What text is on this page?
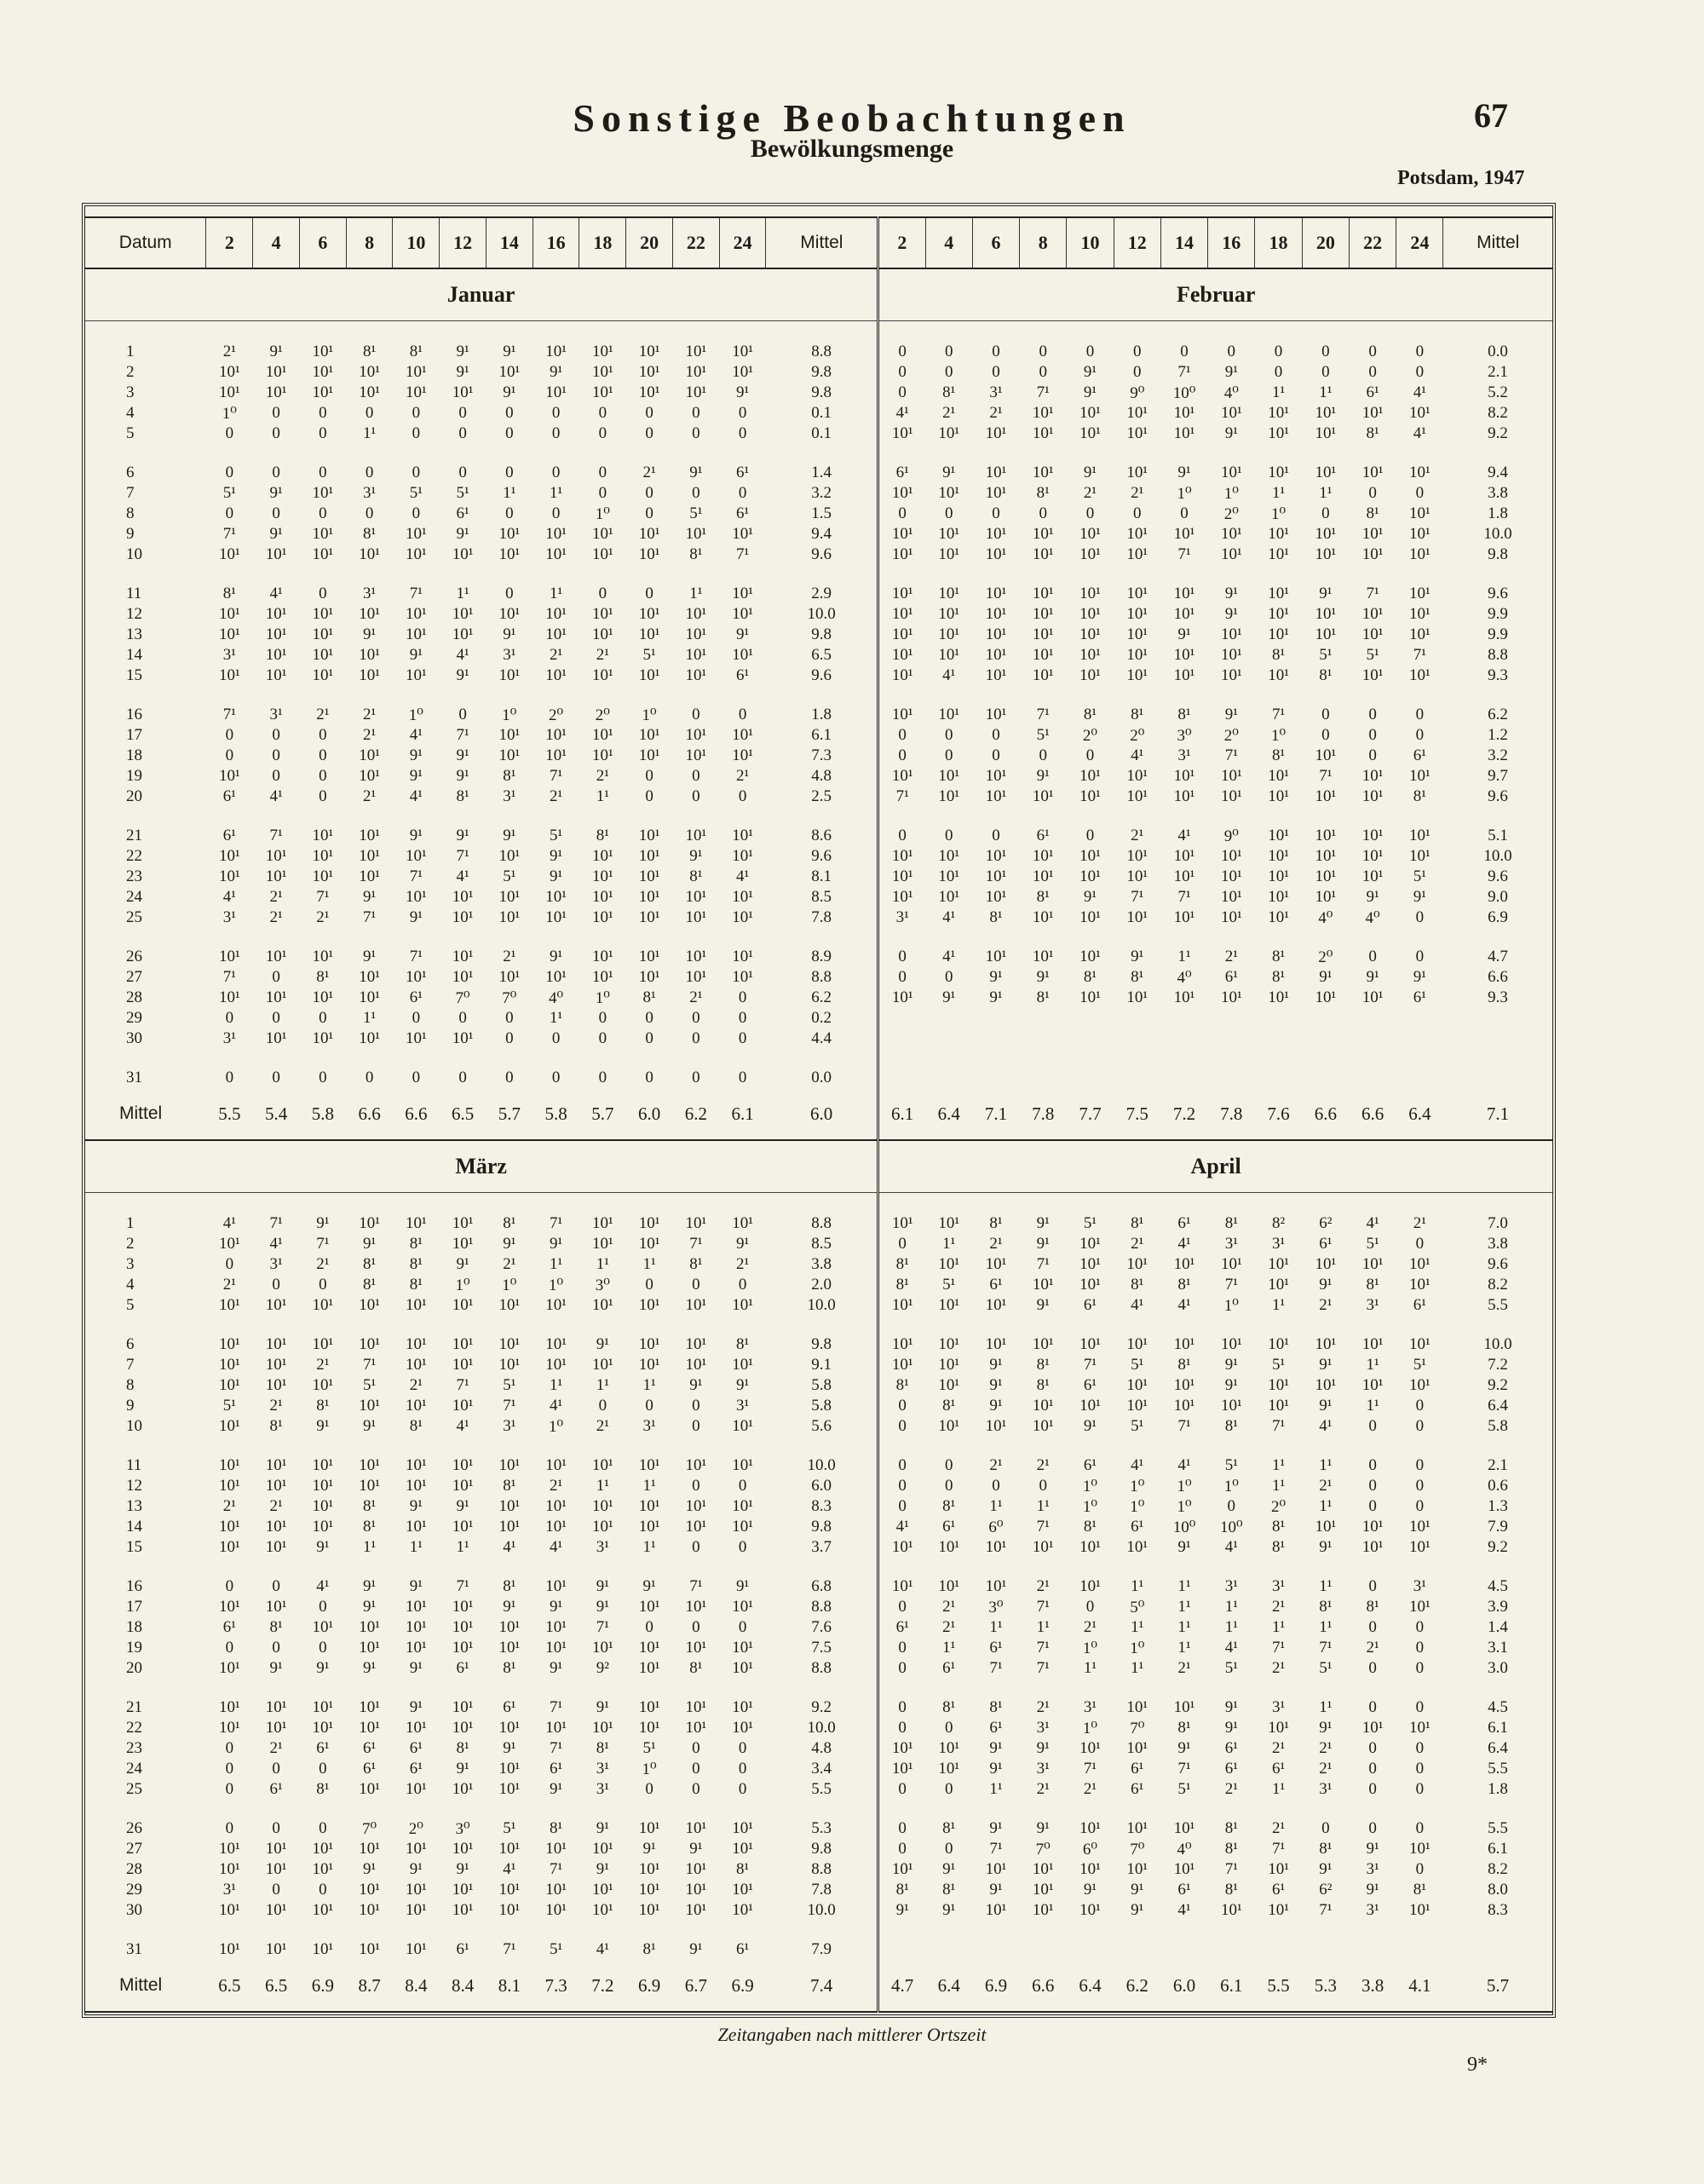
Sonstige Beobachtungen
Bewölkungsmenge
67
Potsdam, 1947
Datum	2	4	6	8	10	12	14	16	18	20	22	24	Mittel	2	4	6	8	10	12	14	16	18	20	22	24	Mittel
Januar														Februar												
1	2¹	9¹	10¹	8¹	8¹	9¹	9¹	10¹	10¹	10¹	10¹	10¹	8.8	0	0	0	0	0	0	0	0	0	0	0	0	0.0
2	10¹	10¹	10¹	10¹	10¹	9¹	10¹	9¹	10¹	10¹	10¹	10¹	9.8	0	0	0	0	9¹	0	7¹	9¹	0	0	0	0	2.1
3	10¹	10¹	10¹	10¹	10¹	10¹	9¹	10¹	10¹	10¹	10¹	9¹	9.8	0	8¹	3¹	7¹	9¹	9⁰	10⁰	4⁰	1¹	1¹	6¹	4¹	5.2
4	1⁰	0	0	0	0	0	0	0	0	0	0	0	0.1	4¹	2¹	2¹	10¹	10¹	10¹	10¹	10¹	10¹	10¹	10¹	10¹	8.2
5	0	0	0	1¹	0	0	0	0	0	0	0	0	0.1	10¹	10¹	10¹	10¹	10¹	10¹	10¹	9¹	10¹	10¹	8¹	4¹	9.2
6	0	0	0	0	0	0	0	0	0	2¹	9¹	6¹	1.4	6¹	9¹	10¹	10¹	9¹	10¹	9¹	10¹	10¹	10¹	10¹	10¹	9.4
7	5¹	9¹	10¹	3¹	5¹	5¹	1¹	1¹	0	0	0	0	3.2	10¹	10¹	10¹	8¹	2¹	2¹	1⁰	1⁰	1¹	1¹	0	0	3.8
8	0	0	0	0	0	6¹	0	0	1⁰	0	5¹	6¹	1.5	0	0	0	0	0	0	0	2⁰	1⁰	0	8¹	10¹	1.8
9	7¹	9¹	10¹	8¹	10¹	9¹	10¹	10¹	10¹	10¹	10¹	10¹	9.4	10¹	10¹	10¹	10¹	10¹	10¹	10¹	10¹	10¹	10¹	10¹	10¹	10.0
10	10¹	10¹	10¹	10¹	10¹	10¹	10¹	10¹	10¹	10¹	8¹	7¹	9.6	10¹	10¹	10¹	10¹	10¹	10¹	7¹	10¹	10¹	10¹	10¹	10¹	9.8
11	8¹	4¹	0	3¹	7¹	1¹	0	1¹	0	0	1¹	10¹	2.9	10¹	10¹	10¹	10¹	10¹	10¹	10¹	9¹	10¹	9¹	7¹	10¹	9.6
12	10¹	10¹	10¹	10¹	10¹	10¹	10¹	10¹	10¹	10¹	10¹	10¹	10.0	10¹	10¹	10¹	10¹	10¹	10¹	10¹	9¹	10¹	10¹	10¹	10¹	9.9
13	10¹	10¹	10¹	9¹	10¹	10¹	9¹	10¹	10¹	10¹	10¹	9¹	9.8	10¹	10¹	10¹	10¹	10¹	10¹	9¹	10¹	10¹	10¹	10¹	10¹	9.9
14	3¹	10¹	10¹	10¹	9¹	4¹	3¹	2¹	2¹	5¹	10¹	10¹	6.5	10¹	10¹	10¹	10¹	10¹	10¹	10¹	10¹	8¹	5¹	5¹	7¹	8.8
15	10¹	10¹	10¹	10¹	10¹	9¹	10¹	10¹	10¹	10¹	10¹	6¹	9.6	10¹	4¹	10¹	10¹	10¹	10¹	10¹	10¹	10¹	8¹	10¹	10¹	9.3
16	7¹	3¹	2¹	2¹	1⁰	0	1⁰	2⁰	2⁰	1⁰	0	0	1.8	10¹	10¹	10¹	7¹	8¹	8¹	8¹	9¹	7¹	0	0	0	6.2
17	0	0	0	2¹	4¹	7¹	10¹	10¹	10¹	10¹	10¹	10¹	6.1	0	0	0	5¹	2⁰	2⁰	3⁰	2⁰	1⁰	0	0	0	1.2
18	0	0	0	10¹	9¹	9¹	10¹	10¹	10¹	10¹	10¹	10¹	7.3	0	0	0	0	0	4¹	3¹	7¹	8¹	10¹	0	6¹	3.2
19	10¹	0	0	10¹	9¹	9¹	8¹	7¹	2¹	0	0	2¹	4.8	10¹	10¹	10¹	9¹	10¹	10¹	10¹	10¹	10¹	7¹	10¹	10¹	9.7
20	6¹	4¹	0	2¹	4¹	8¹	3¹	2¹	1¹	0	0	0	2.5	7¹	10¹	10¹	10¹	10¹	10¹	10¹	10¹	10¹	10¹	10¹	8¹	9.6
21	6¹	7¹	10¹	10¹	9¹	9¹	9¹	5¹	8¹	10¹	10¹	10¹	8.6	0	0	0	6¹	0	2¹	4¹	9⁰	10¹	10¹	10¹	10¹	5.1
22	10¹	10¹	10¹	10¹	10¹	7¹	10¹	9¹	10¹	10¹	9¹	10¹	9.6	10¹	10¹	10¹	10¹	10¹	10¹	10¹	10¹	10¹	10¹	10¹	10¹	10.0
23	10¹	10¹	10¹	10¹	7¹	4¹	5¹	9¹	10¹	10¹	8¹	4¹	8.1	10¹	10¹	10¹	10¹	10¹	10¹	10¹	10¹	10¹	10¹	10¹	5¹	9.6
24	4¹	2¹	7¹	9¹	10¹	10¹	10¹	10¹	10¹	10¹	10¹	10¹	8.5	10¹	10¹	10¹	8¹	9¹	7¹	7¹	10¹	10¹	10¹	9¹	9¹	9.0
25	3¹	2¹	2¹	7¹	9¹	10¹	10¹	10¹	10¹	10¹	10¹	10¹	7.8	3¹	4¹	8¹	10¹	10¹	10¹	10¹	10¹	10¹	4⁰	4⁰	0	6.9
26	10¹	10¹	10¹	9¹	7¹	10¹	2¹	9¹	10¹	10¹	10¹	10¹	8.9	0	4¹	10¹	10¹	10¹	9¹	1¹	2¹	8¹	2⁰	0	0	4.7
27	7¹	0	8¹	10¹	10¹	10¹	10¹	10¹	10¹	10¹	10¹	10¹	8.8	0	0	9¹	9¹	8¹	8¹	4⁰	6¹	8¹	9¹	9¹	9¹	6.6
28	10¹	10¹	10¹	10¹	6¹	7⁰	7⁰	4⁰	1⁰	8¹	2¹	0	6.2	10¹	9¹	9¹	8¹	10¹	10¹	10¹	10¹	10¹	10¹	10¹	6¹	9.3
29	0	0	0	1¹	0	0	0	1¹	0	0	0	0	0.2													
30	3¹	10¹	10¹	10¹	10¹	10¹	0	0	0	0	0	0	4.4													
31	0	0	0	0	0	0	0	0	0	0	0	0	0.0													
Mittel	5.5	5.4	5.8	6.6	6.6	6.5	5.7	5.8	5.7	6.0	6.2	6.1	6.0	6.1	6.4	7.1	7.8	7.7	7.5	7.2	7.8	7.6	6.6	6.6	6.4	7.1
März														April												
1	4¹	7¹	9¹	10¹	10¹	10¹	8¹	7¹	10¹	10¹	10¹	10¹	8.8	10¹	10¹	8¹	9¹	5¹	8¹	6¹	8¹	8²	6²	4¹	2¹	7.0
2	10¹	4¹	7¹	9¹	8¹	10¹	9¹	9¹	10¹	10¹	7¹	9¹	8.5	0	1¹	2¹	9¹	10¹	2¹	4¹	3¹	3¹	6¹	5¹	0	3.8
3	0	3¹	2¹	8¹	8¹	9¹	2¹	1¹	1¹	1¹	8¹	2¹	3.8	8¹	10¹	10¹	7¹	10¹	10¹	10¹	10¹	10¹	10¹	10¹	10¹	9.6
4	2¹	0	0	8¹	8¹	1⁰	1⁰	1⁰	3⁰	0	0	0	2.0	8¹	5¹	6¹	10¹	10¹	8¹	8¹	7¹	10¹	9¹	8¹	10¹	8.2
5	10¹	10¹	10¹	10¹	10¹	10¹	10¹	10¹	10¹	10¹	10¹	10¹	10.0	10¹	10¹	10¹	9¹	6¹	4¹	4¹	1⁰	1¹	2¹	3¹	6¹	5.5
6	10¹	10¹	10¹	10¹	10¹	10¹	10¹	10¹	9¹	10¹	10¹	8¹	9.8	10¹	10¹	10¹	10¹	10¹	10¹	10¹	10¹	10¹	10¹	10¹	10¹	10.0
7	10¹	10¹	2¹	7¹	10¹	10¹	10¹	10¹	10¹	10¹	10¹	10¹	9.1	10¹	10¹	9¹	8¹	7¹	5¹	8¹	9¹	5¹	9¹	1¹	5¹	7.2
8	10¹	10¹	10¹	5¹	2¹	7¹	5¹	1¹	1¹	1¹	9¹	9¹	5.8	8¹	10¹	9¹	8¹	6¹	10¹	10¹	9¹	10¹	10¹	10¹	10¹	9.2
9	5¹	2¹	8¹	10¹	10¹	10¹	7¹	4¹	0	0	0	3¹	5.8	0	8¹	9¹	10¹	10¹	10¹	10¹	10¹	10¹	9¹	1¹	0	6.4
10	10¹	8¹	9¹	9¹	8¹	4¹	3¹	1⁰	2¹	3¹	0	10¹	5.6	0	10¹	10¹	10¹	9¹	5¹	7¹	8¹	7¹	4¹	0	0	5.8
11	10¹	10¹	10¹	10¹	10¹	10¹	10¹	10¹	10¹	10¹	10¹	10¹	10.0	0	0	2¹	2¹	6¹	4¹	4¹	5¹	1¹	1¹	0	0	2.1
12	10¹	10¹	10¹	10¹	10¹	10¹	8¹	2¹	1¹	1¹	0	0	6.0	0	0	0	0	1⁰	1⁰	1⁰	1⁰	1¹	2¹	0	0	0.6
13	2¹	2¹	10¹	8¹	9¹	9¹	10¹	10¹	10¹	10¹	10¹	10¹	8.3	0	8¹	1¹	1¹	1⁰	1⁰	1⁰	0	2⁰	1¹	0	0	1.3
14	10¹	10¹	10¹	8¹	10¹	10¹	10¹	10¹	10¹	10¹	10¹	10¹	9.8	4¹	6¹	6⁰	7¹	8¹	6¹	10⁰	10⁰	8¹	10¹	10¹	10¹	7.9
15	10¹	10¹	9¹	1¹	1¹	1¹	4¹	4¹	3¹	1¹	0	0	3.7	10¹	10¹	10¹	10¹	10¹	10¹	9¹	4¹	8¹	9¹	10¹	10¹	9.2
16	0	0	4¹	9¹	9¹	7¹	8¹	10¹	9¹	9¹	7¹	9¹	6.8	10¹	10¹	10¹	2¹	10¹	1¹	1¹	3¹	3¹	1¹	0	3¹	4.5
17	10¹	10¹	0	9¹	10¹	10¹	9¹	9¹	9¹	10¹	10¹	10¹	8.8	0	2¹	3⁰	7¹	0	5⁰	1¹	1¹	2¹	8¹	8¹	10¹	3.9
18	6¹	8¹	10¹	10¹	10¹	10¹	10¹	10¹	7¹	0	0	0	7.6	6¹	2¹	1¹	1¹	2¹	1¹	1¹	1¹	1¹	1¹	0	0	1.4
19	0	0	0	10¹	10¹	10¹	10¹	10¹	10¹	10¹	10¹	10¹	7.5	0	1¹	6¹	7¹	1⁰	1⁰	1¹	4¹	7¹	7¹	2¹	0	3.1
20	10¹	9¹	9¹	9¹	9¹	6¹	8¹	9¹	9²	10¹	8¹	10¹	8.8	0	6¹	7¹	7¹	1¹	1¹	2¹	5¹	2¹	5¹	0	0	3.0
21	10¹	10¹	10¹	10¹	9¹	10¹	6¹	7¹	9¹	10¹	10¹	10¹	9.2	0	8¹	8¹	2¹	3¹	10¹	10¹	9¹	3¹	1¹	0	0	4.5
22	10¹	10¹	10¹	10¹	10¹	10¹	10¹	10¹	10¹	10¹	10¹	10¹	10.0	0	0	6¹	3¹	1⁰	7⁰	8¹	9¹	10¹	9¹	10¹	10¹	6.1
23	0	2¹	6¹	6¹	6¹	8¹	9¹	7¹	8¹	5¹	0	0	4.8	10¹	10¹	9¹	9¹	10¹	10¹	9¹	6¹	2¹	2¹	0	0	6.4
24	0	0	0	6¹	6¹	9¹	10¹	6¹	3¹	1⁰	0	0	3.4	10¹	10¹	9¹	3¹	7¹	6¹	7¹	6¹	6¹	2¹	0	0	5.5
25	0	6¹	8¹	10¹	10¹	10¹	10¹	9¹	3¹	0	0	0	5.5	0	0	1¹	2¹	2¹	6¹	5¹	2¹	1¹	3¹	0	0	1.8
26	0	0	0	7⁰	2⁰	3⁰	5¹	8¹	9¹	10¹	10¹	10¹	5.3	0	8¹	9¹	9¹	10¹	10¹	10¹	8¹	2¹	0	0	0	5.5
27	10¹	10¹	10¹	10¹	10¹	10¹	10¹	10¹	10¹	9¹	9¹	10¹	9.8	0	0	7¹	7⁰	6⁰	7⁰	4⁰	8¹	7¹	8¹	9¹	10¹	6.1
28	10¹	10¹	10¹	9¹	9¹	9¹	4¹	7¹	9¹	10¹	10¹	8¹	8.8	10¹	9¹	10¹	10¹	10¹	10¹	10¹	7¹	10¹	9¹	3¹	0	8.2
29	3¹	0	0	10¹	10¹	10¹	10¹	10¹	10¹	10¹	10¹	10¹	7.8	8¹	8¹	9¹	10¹	9¹	9¹	6¹	8¹	6¹	6²	9¹	8¹	8.0
30	10¹	10¹	10¹	10¹	10¹	10¹	10¹	10¹	10¹	10¹	10¹	10¹	10.0	9¹	9¹	10¹	10¹	10¹	9¹	4¹	10¹	10¹	7¹	3¹	10¹	8.3
31	10¹	10¹	10¹	10¹	10¹	6¹	7¹	5¹	4¹	8¹	9¹	6¹	7.9													
Mittel	6.5	6.5	6.9	8.7	8.4	8.4	8.1	7.3	7.2	6.9	6.7	6.9	7.4	4.7	6.4	6.9	6.6	6.4	6.2	6.0	6.1	5.5	5.3	3.8	4.1	5.7
Zeitangaben nach mittlerer Ortszeit
9*
